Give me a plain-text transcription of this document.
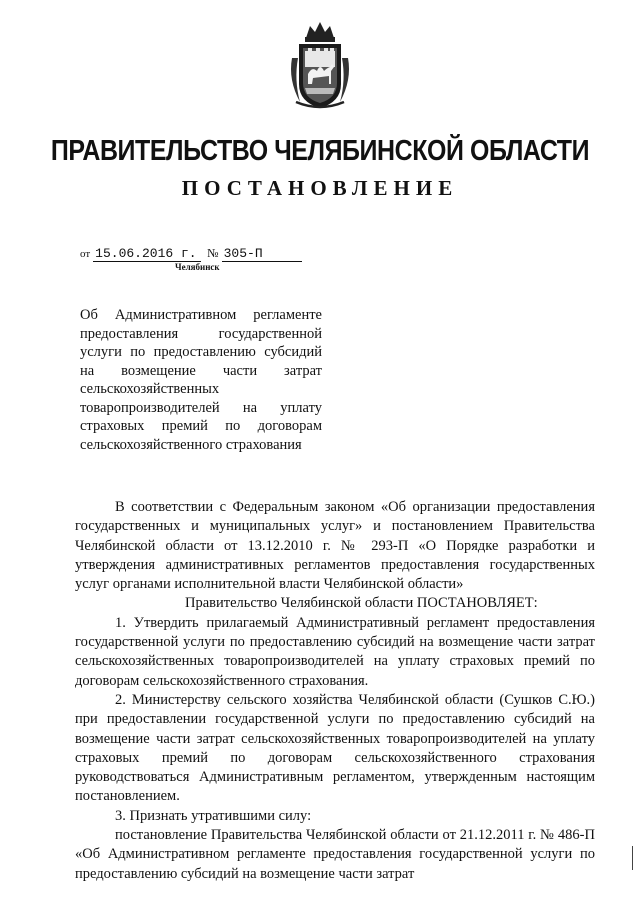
ПРАВИТЕЛЬСТВО ЧЕЛЯБИНСКОЙ ОБЛАСТИ
ПОСТАНОВЛЕНИЕ
от 15.06.2016 г. № 305-П
Челябинск
Об Административном регламенте
предоставления	государственной
услуги по предоставлению субсидий
на возмещение части затрат
сельскохозяйственных
товаропроизводителей на уплату
страховых премий по договорам
сельскохозяйственного страхования

В соответствии с Федеральным законом «Об организации предоставления государственных и муниципальных услуг» и постановлением Правительства Челябинской области от 13.12.2010 г. № 293-П «О Порядке разработки и утверждения административных регламентов предоставления государственных услуг органами исполнительной власти Челябинской области»

Правительство Челябинской области ПОСТАНОВЛЯЕТ:

1. Утвердить прилагаемый Административный регламент предоставления государственной услуги по предоставлению субсидий на возмещение части затрат сельскохозяйственных товаропроизводителей на уплату страховых премий по договорам сельскохозяйственного страхования.

2. Министерству сельского хозяйства Челябинской области (Сушков С.Ю.) при предоставлении государственной услуги по предоставлению субсидий на возмещение части затрат сельскохозяйственных товаропроизводителей на уплату страховых премий по договорам сельскохозяйственного страхования руководствоваться Административным регламентом, утвержденным настоящим постановлением.

3. Признать утратившими силу:

постановление Правительства Челябинской области от 21.12.2011 г. № 486-П «Об Административном регламенте предоставления государственной услуги по предоставлению субсидий на возмещение части затрат
